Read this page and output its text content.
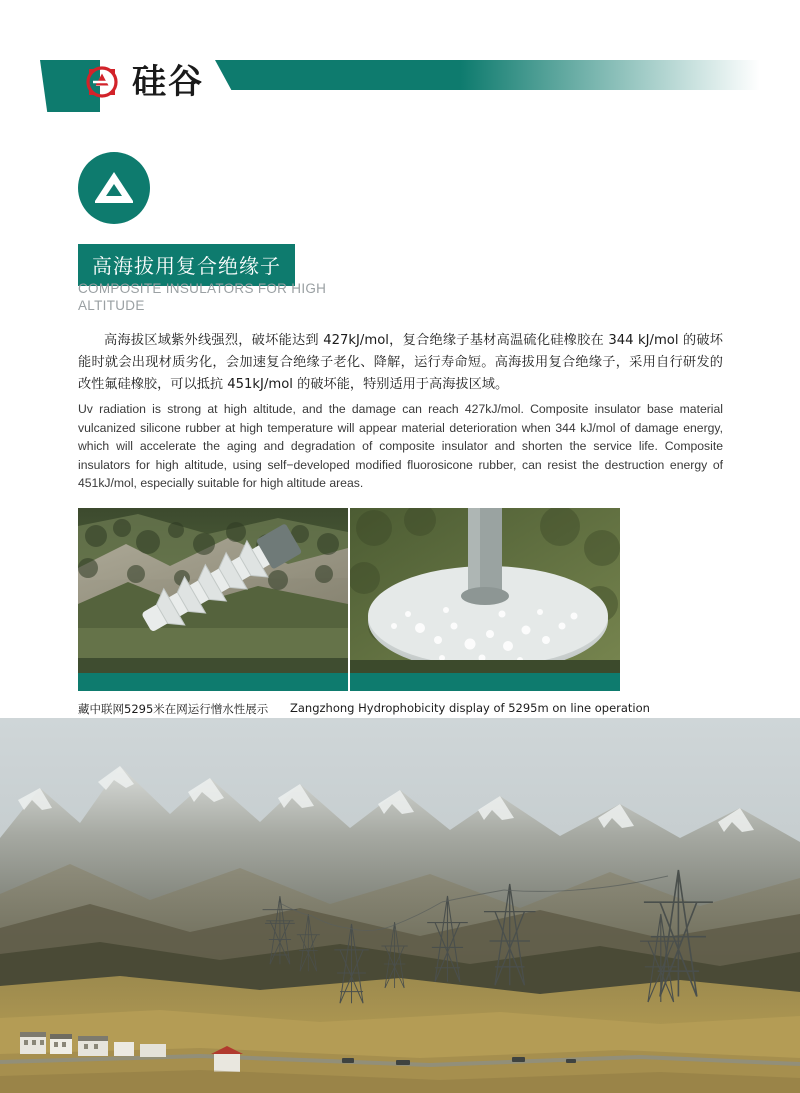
硅谷
高海拔用复合绝缘子
COMPOSITE INSULATORS FOR HIGH ALTITUDE
高海拔区域紫外线强烈，破坏能达到 427kJ/mol，复合绝缘子基材高温硫化硅橡胶在 344 kJ/mol 的破坏能时就会出现材质劣化，会加速复合绝缘子老化、降解，运行寿命短。高海拔用复合绝缘子，采用自行研发的改性氟硅橡胶，可以抵抗 451kJ/mol 的破坏能，特别适用于高海拔区域。
Uv radiation is strong at high altitude, and the damage can reach 427kJ/mol. Composite insulator base material vulcanized silicone rubber at high temperature will appear material deterioration when 344 kJ/mol of damage energy, which will accelerate the aging and degradation of composite insulator and shorten the service life. Composite insulators for high altitude, using self−developed modified fluorosicone rubber, can resist the destruction energy of 451kJ/mol, especially suitable for high altitude areas.
藏中联网5295米在网运行憎水性展示 Zangzhong Hydrophobicity display of 5295m on line operation
